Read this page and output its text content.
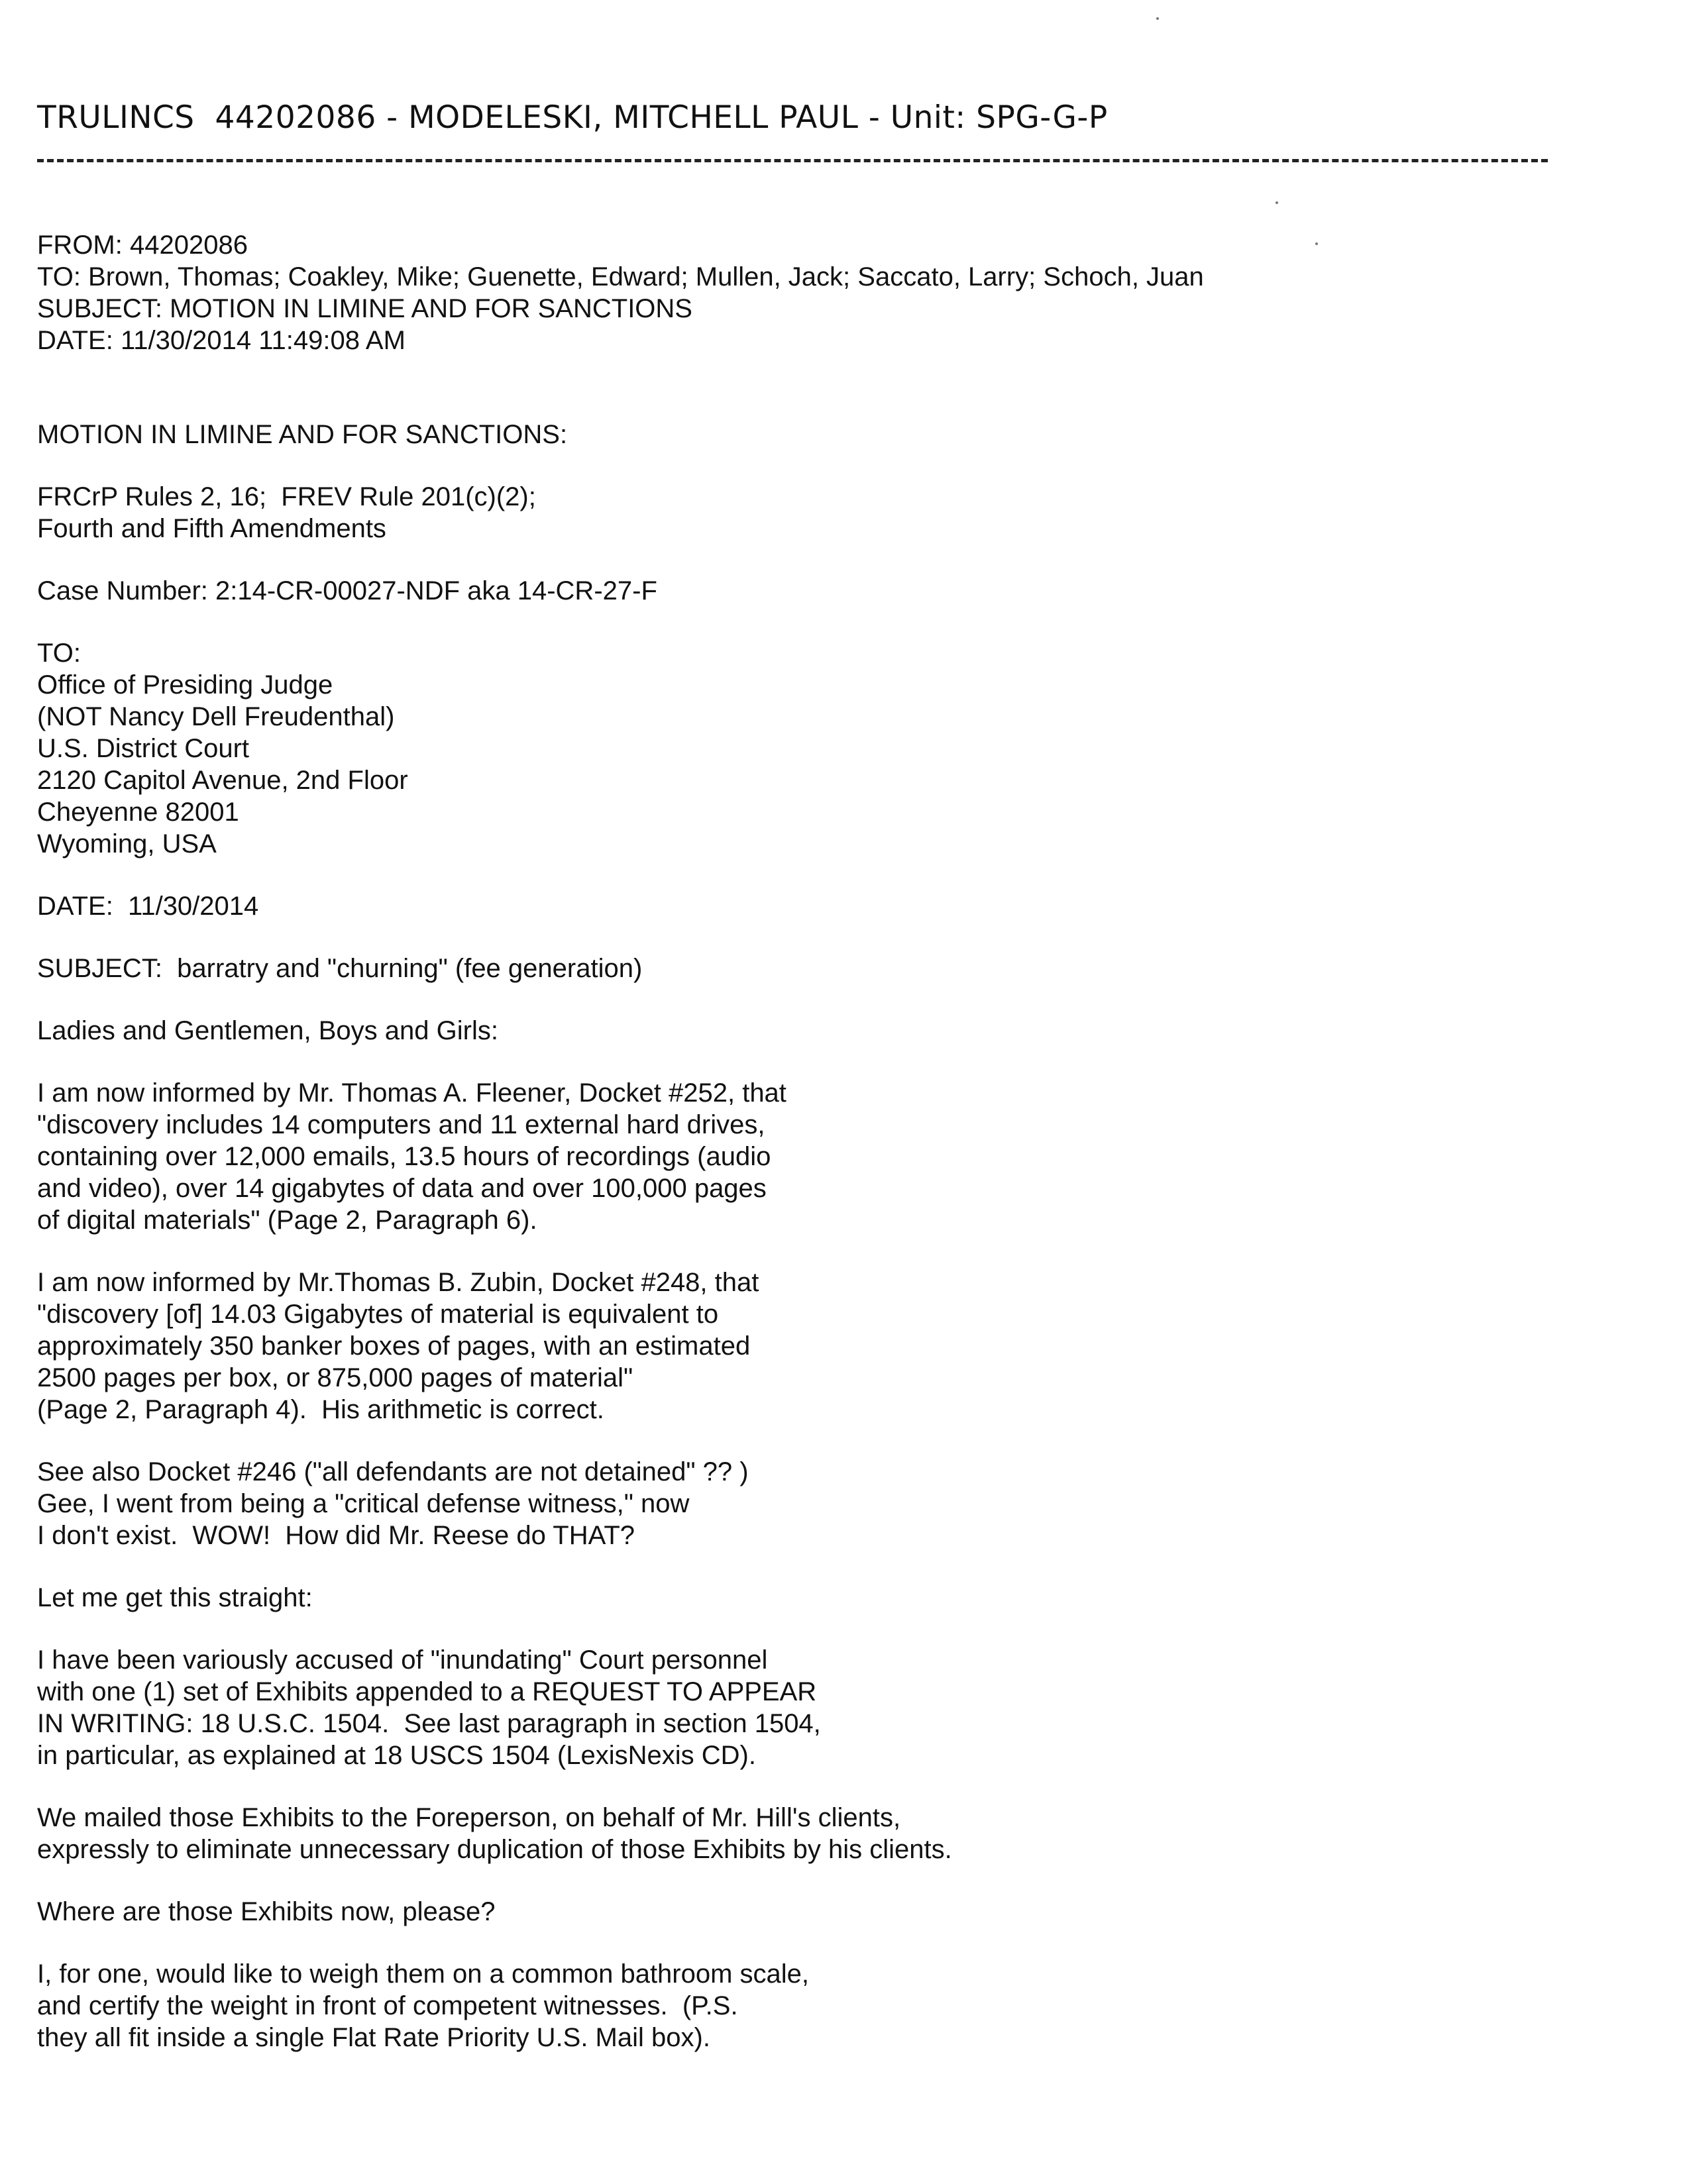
TRULINCS  44202086 - MODELESKI, MITCHELL PAUL - Unit: SPG-G-P
FROM: 44202086
TO: Brown, Thomas; Coakley, Mike; Guenette, Edward; Mullen, Jack; Saccato, Larry; Schoch, Juan
SUBJECT: MOTION IN LIMINE AND FOR SANCTIONS
DATE: 11/30/2014 11:49:08 AM
MOTION IN LIMINE AND FOR SANCTIONS:
FRCrP Rules 2, 16;  FREV Rule 201(c)(2);
Fourth and Fifth Amendments
Case Number: 2:14-CR-00027-NDF aka 14-CR-27-F
TO:
Office of Presiding Judge
(NOT Nancy Dell Freudenthal)
U.S. District Court
2120 Capitol Avenue, 2nd Floor
Cheyenne 82001
Wyoming, USA
DATE:  11/30/2014
SUBJECT:  barratry and "churning" (fee generation)
Ladies and Gentlemen, Boys and Girls:
I am now informed by Mr. Thomas A. Fleener, Docket #252, that
"discovery includes 14 computers and 11 external hard drives,
containing over 12,000 emails, 13.5 hours of recordings (audio
and video), over 14 gigabytes of data and over 100,000 pages
of digital materials" (Page 2, Paragraph 6).
I am now informed by Mr.Thomas B. Zubin, Docket #248, that
"discovery [of] 14.03 Gigabytes of material is equivalent to
approximately 350 banker boxes of pages, with an estimated
2500 pages per box, or 875,000 pages of material"
(Page 2, Paragraph 4).  His arithmetic is correct.
See also Docket #246 ("all defendants are not detained" ?? )
Gee, I went from being a "critical defense witness," now
I don't exist.  WOW!  How did Mr. Reese do THAT?
Let me get this straight:
I have been variously accused of "inundating" Court personnel
with one (1) set of Exhibits appended to a REQUEST TO APPEAR
IN WRITING: 18 U.S.C. 1504.  See last paragraph in section 1504,
in particular, as explained at 18 USCS 1504 (LexisNexis CD).
We mailed those Exhibits to the Foreperson, on behalf of Mr. Hill's clients,
expressly to eliminate unnecessary duplication of those Exhibits by his clients.
Where are those Exhibits now, please?
I, for one, would like to weigh them on a common bathroom scale,
and certify the weight in front of competent witnesses.  (P.S.
they all fit inside a single Flat Rate Priority U.S. Mail box).
